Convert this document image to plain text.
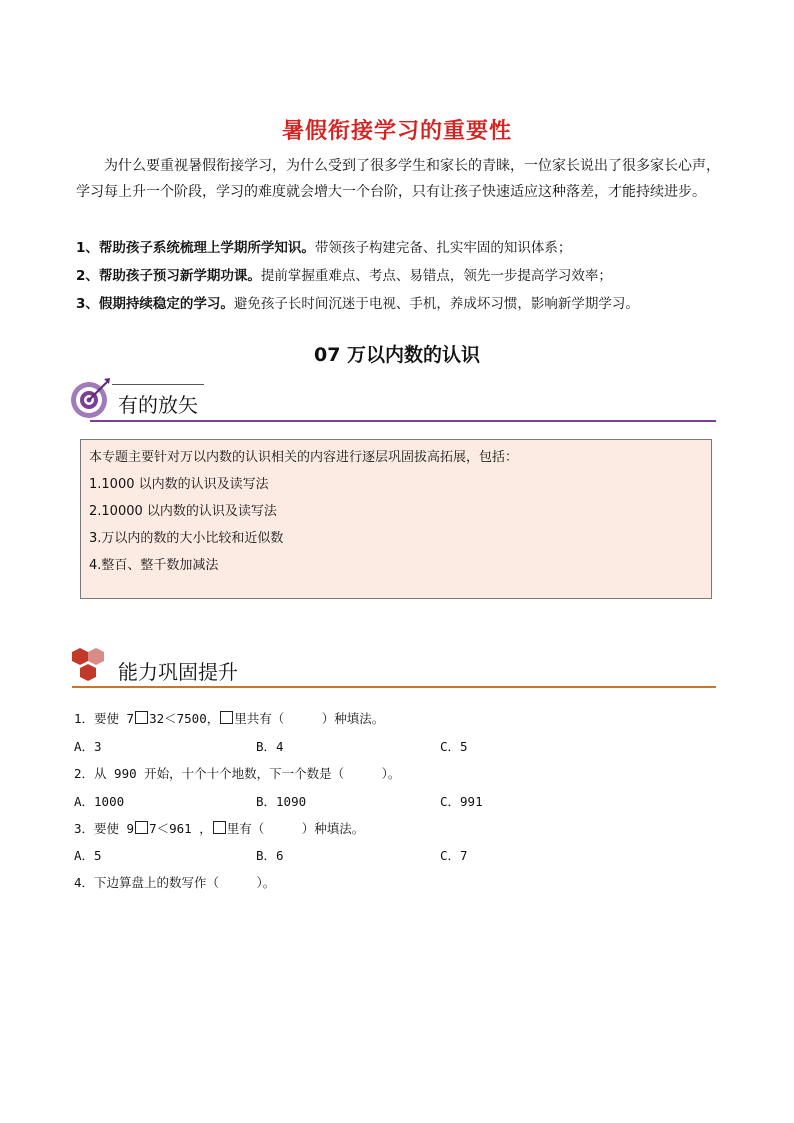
暑假衔接学习的重要性
为什么要重视暑假衔接学习，为什么受到了很多学生和家长的青睐，一位家长说出了很多家长心声，学习每上升一个阶段，学习的难度就会增大一个台阶，只有让孩子快速适应这种落差，才能持续进步。
1、帮助孩子系统梳理上学期所学知识。带领孩子构建完备、扎实牢固的知识体系；
2、帮助孩子预习新学期功课。提前掌握重难点、考点、易错点，领先一步提高学习效率；
3、假期持续稳定的学习。避免孩子长时间沉迷于电视、手机，养成坏习惯，影响新学期学习。
07 万以内数的认识
有的放矢
本专题主要针对万以内数的认识相关的内容进行逐层巩固拔高拓展，包括：
1.1000 以内数的认识及读写法
2.10000 以内数的认识及读写法
3.万以内的数的大小比较和近似数
4.整百、整千数加减法
能力巩固提升
1．要使 7 32＜7500， 里共有（　　　）种填法。
A．3	B．4	C．5
2．从 990 开始，十个十个地数，下一个数是（　　　）。
A．1000	B．1090	C．991
3．要使 9 7＜961 ， 里有（　　　）种填法。
A．5	B．6	C．7
4．下边算盘上的数写作（　　　）。
